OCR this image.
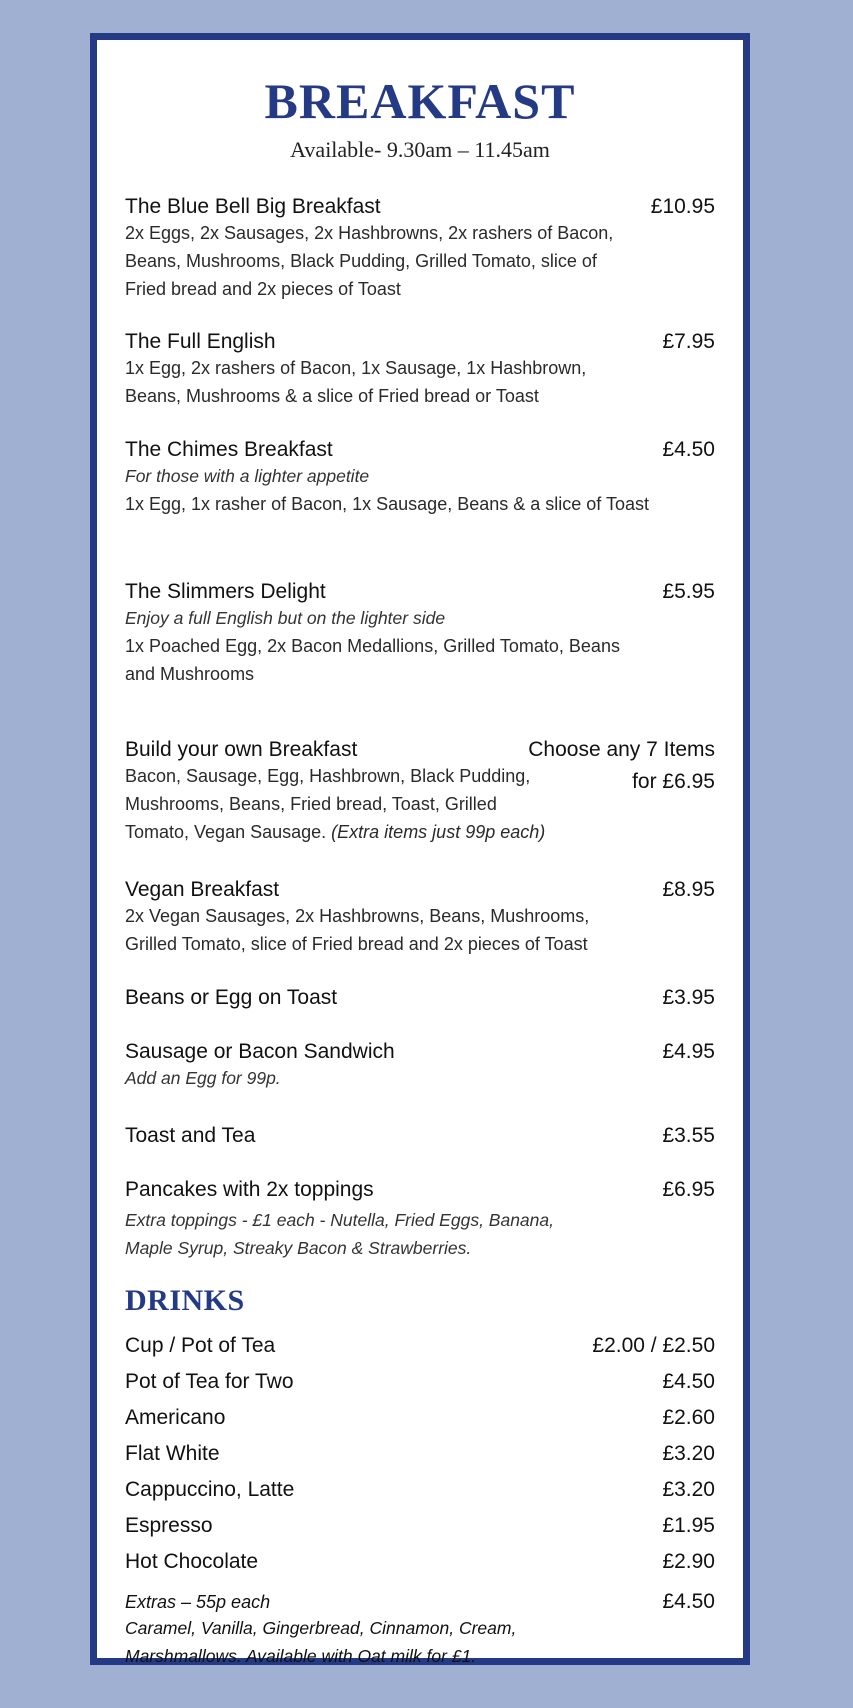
BREAKFAST
Available- 9.30am – 11.45am
The Blue Bell Big Breakfast	£10.95
2x Eggs, 2x Sausages, 2x Hashbrowns, 2x rashers of Bacon,
Beans, Mushrooms, Black Pudding, Grilled Tomato, slice of
Fried bread and 2x pieces of Toast
The Full English	£7.95
1x Egg, 2x rashers of Bacon, 1x Sausage, 1x Hashbrown,
Beans, Mushrooms & a slice of Fried bread or Toast
The Chimes Breakfast	£4.50
For those with a lighter appetite
1x Egg, 1x rasher of Bacon, 1x Sausage, Beans & a slice of Toast
The Slimmers Delight	£5.95
Enjoy a full English but on the lighter side
1x Poached Egg, 2x Bacon Medallions, Grilled Tomato, Beans
and Mushrooms
Build your own Breakfast	Choose any 7 Items
for £6.95
Bacon, Sausage, Egg, Hashbrown, Black Pudding,
Mushrooms, Beans, Fried bread, Toast, Grilled
Tomato, Vegan Sausage. (Extra items just 99p each)
Vegan Breakfast	£8.95
2x Vegan Sausages, 2x Hashbrowns, Beans, Mushrooms,
Grilled Tomato, slice of Fried bread and 2x pieces of Toast
Beans or Egg on Toast	£3.95
Sausage or Bacon Sandwich	£4.95
Add an Egg for 99p.
Toast and Tea	£3.55
Pancakes with 2x toppings	£6.95
Extra toppings - £1 each - Nutella, Fried Eggs, Banana,
Maple Syrup, Streaky Bacon & Strawberries.
DRINKS
Cup / Pot of Tea	£2.00 / £2.50
Pot of Tea for Two	£4.50
Americano	£2.60
Flat White	£3.20
Cappuccino, Latte	£3.20
Espresso	£1.95
Hot Chocolate	£2.90
Extras – 55p each	£4.50
Caramel, Vanilla, Gingerbread, Cinnamon, Cream,
Marshmallows. Available with Oat milk for £1.
